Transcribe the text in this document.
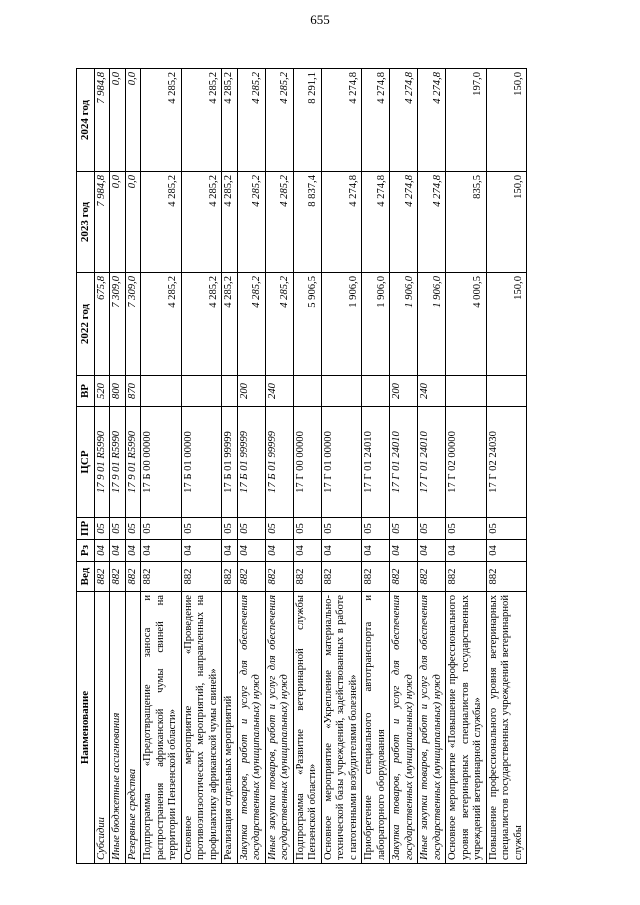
655
Наименование	Вед	Рз	ПР	ЦСР	ВР	2022 год	2023 год	2024 год
Субсидии	882	04	05	17 9 01 R5990	520	675,8	7 984,8	7 984,8
Иные бюджетные ассигнования	882	04	05	17 9 01 R5990	800	7 309,0	0,0	0,0
Резервные средства	882	04	05	17 9 01 R5990	870	7 309,0	0,0	0,0
Подпрограмма «Предотвращение заноса и распространения африканской чумы свиней на территории Пензенской области»	882	04	05	17 Б 00 00000		4 285,2	4 285,2	4 285,2
Основное мероприятие «Проведение противоэпизоотических мероприятий, направленных на профилактику африканской чумы свиней»	882	04	05	17 Б 01 00000		4 285,2	4 285,2	4 285,2
Реализация отдельных мероприятий	882	04	05	17 Б 01 99999		4 285,2	4 285,2	4 285,2
Закупка товаров, работ и услуг для обеспечения государственных (муниципальных) нужд	882	04	05	17 Б 01 99999	200	4 285,2	4 285,2	4 285,2
Иные закупки товаров, работ и услуг для обеспечения государственных (муниципальных) нужд	882	04	05	17 Б 01 99999	240	4 285,2	4 285,2	4 285,2
Подпрограмма «Развитие ветеринарной службы Пензенской области»	882	04	05	17 Г 00 00000		5 906,5	8 837,4	8 291,1
Основное мероприятие «Укрепление материально-технической базы учреждений, задействованных в работе с патогенными возбудителями болезней»	882	04	05	17 Г 01 00000		1 906,0	4 274,8	4 274,8
Приобретение специального автотранспорта и лабораторного оборудования	882	04	05	17 Г 01 24010		1 906,0	4 274,8	4 274,8
Закупка товаров, работ и услуг для обеспечения государственных (муниципальных) нужд	882	04	05	17 Г 01 24010	200	1 906,0	4 274,8	4 274,8
Иные закупки товаров, работ и услуг для обеспечения государственных (муниципальных) нужд	882	04	05	17 Г 01 24010	240	1 906,0	4 274,8	4 274,8
Основное мероприятие «Повышение профессионального уровня ветеринарных специалистов государственных учреждений ветеринарной службы»	882	04	05	17 Г 02 00000		4 000,5	835,5	197,0
Повышение профессионального уровня ветеринарных специалистов государственных учреждений ветеринарной службы	882	04	05	17 Г 02 24030		150,0	150,0	150,0
